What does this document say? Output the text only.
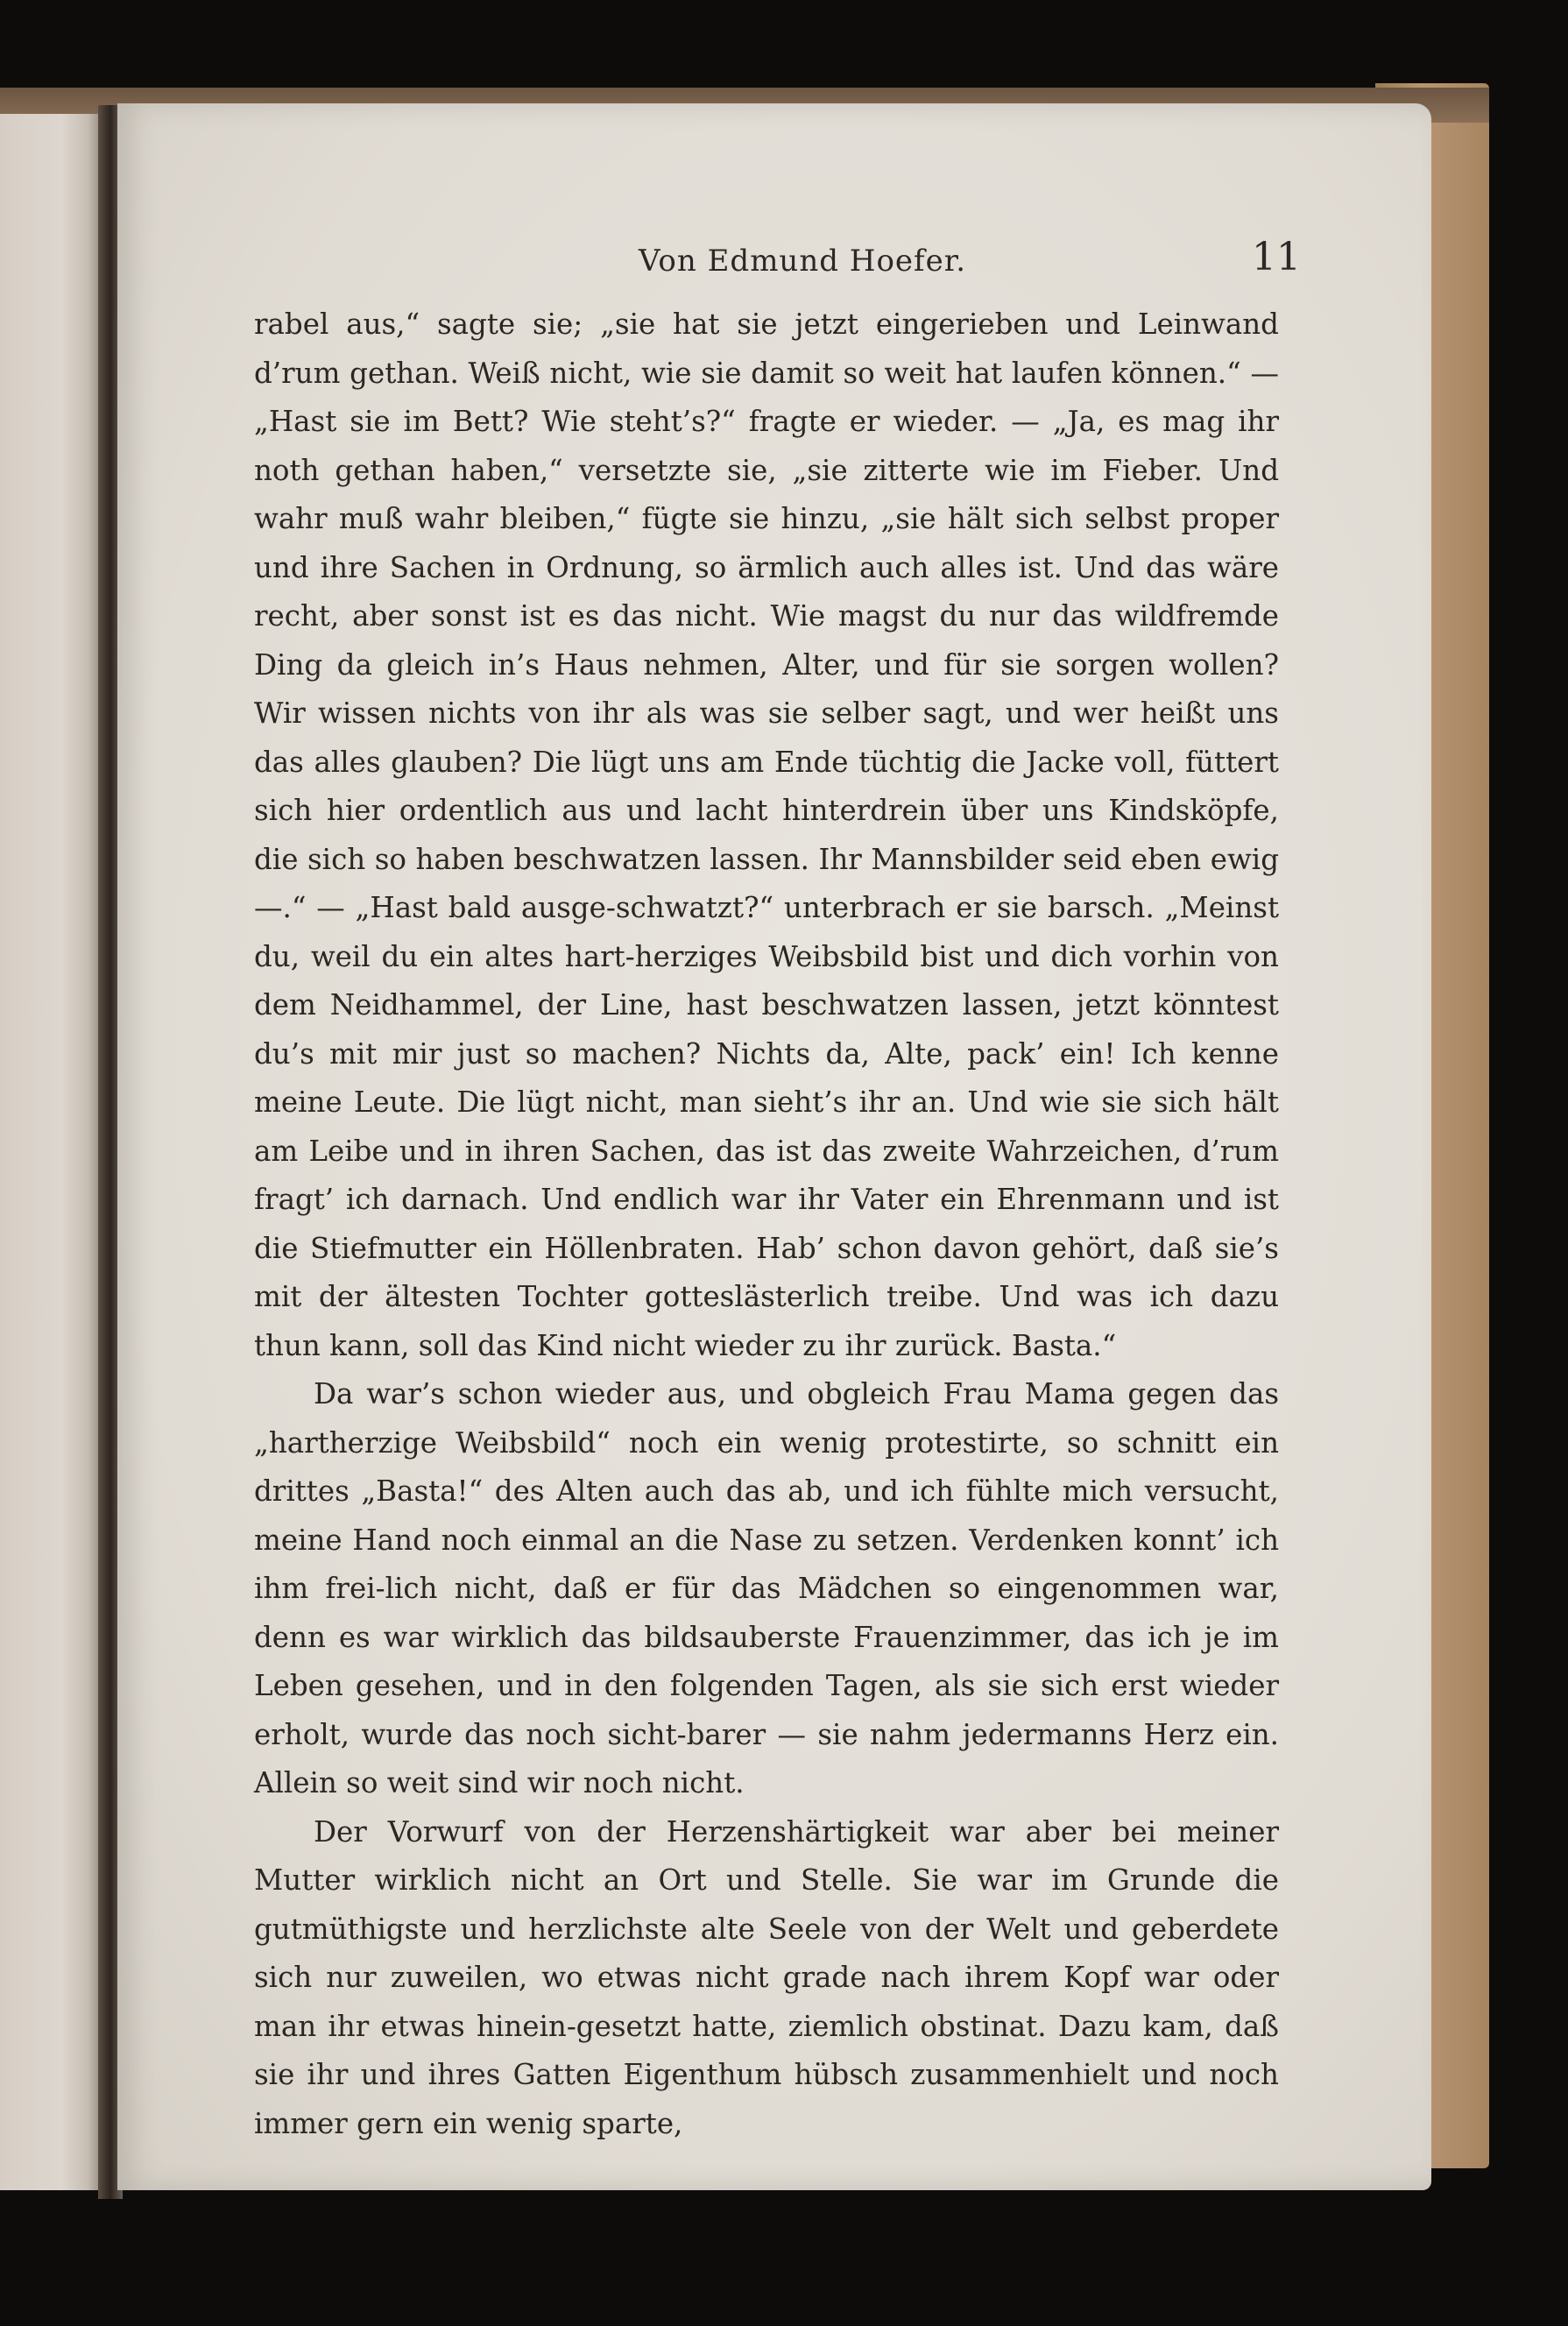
Von Edmund Hoefer.	11

rabel aus,“ sagte sie; „sie hat sie jetzt eingerieben und Leinwand d’rum gethan. Weiß nicht, wie sie damit so weit hat laufen können.“ — „Hast sie im Bett? Wie steht’s?“ fragte er wieder. — „Ja, es mag ihr noth gethan haben,“ versetzte sie, „sie zitterte wie im Fieber. Und wahr muß wahr bleiben,“ fügte sie hinzu, „sie hält sich selbst proper und ihre Sachen in Ordnung, so ärmlich auch alles ist. Und das wäre recht, aber sonst ist es das nicht. Wie magst du nur das wildfremde Ding da gleich in’s Haus nehmen, Alter, und für sie sorgen wollen? Wir wissen nichts von ihr als was sie selber sagt, und wer heißt uns das alles glauben? Die lügt uns am Ende tüchtig die Jacke voll, füttert sich hier ordentlich aus und lacht hinterdrein über uns Kindsköpfe, die sich so haben beschwatzen lassen. Ihr Mannsbilder seid eben ewig —.“ — „Hast bald ausge-schwatzt?“ unterbrach er sie barsch. „Meinst du, weil du ein altes hart-herziges Weibsbild bist und dich vorhin von dem Neidhammel, der Line, hast beschwatzen lassen, jetzt könntest du’s mit mir just so machen? Nichts da, Alte, pack’ ein! Ich kenne meine Leute. Die lügt nicht, man sieht’s ihr an. Und wie sie sich hält am Leibe und in ihren Sachen, das ist das zweite Wahrzeichen, d’rum fragt’ ich darnach. Und endlich war ihr Vater ein Ehrenmann und ist die Stiefmutter ein Höllenbraten. Hab’ schon davon gehört, daß sie’s mit der ältesten Tochter gotteslästerlich treibe. Und was ich dazu thun kann, soll das Kind nicht wieder zu ihr zurück. Basta.“

Da war’s schon wieder aus, und obgleich Frau Mama gegen das „hartherzige Weibsbild“ noch ein wenig protestirte, so schnitt ein drittes „Basta!“ des Alten auch das ab, und ich fühlte mich versucht, meine Hand noch einmal an die Nase zu setzen. Verdenken konnt’ ich ihm frei-lich nicht, daß er für das Mädchen so eingenommen war, denn es war wirklich das bildsauberste Frauenzimmer, das ich je im Leben gesehen, und in den folgenden Tagen, als sie sich erst wieder erholt, wurde das noch sicht-barer — sie nahm jedermanns Herz ein. Allein so weit sind wir noch nicht.

Der Vorwurf von der Herzenshärtigkeit war aber bei meiner Mutter wirklich nicht an Ort und Stelle. Sie war im Grunde die gutmüthigste und herzlichste alte Seele von der Welt und geberdete sich nur zuweilen, wo etwas nicht grade nach ihrem Kopf war oder man ihr etwas hinein-gesetzt hatte, ziemlich obstinat. Dazu kam, daß sie ihr und ihres Gatten Eigenthum hübsch zusammenhielt und noch immer gern ein wenig sparte,
